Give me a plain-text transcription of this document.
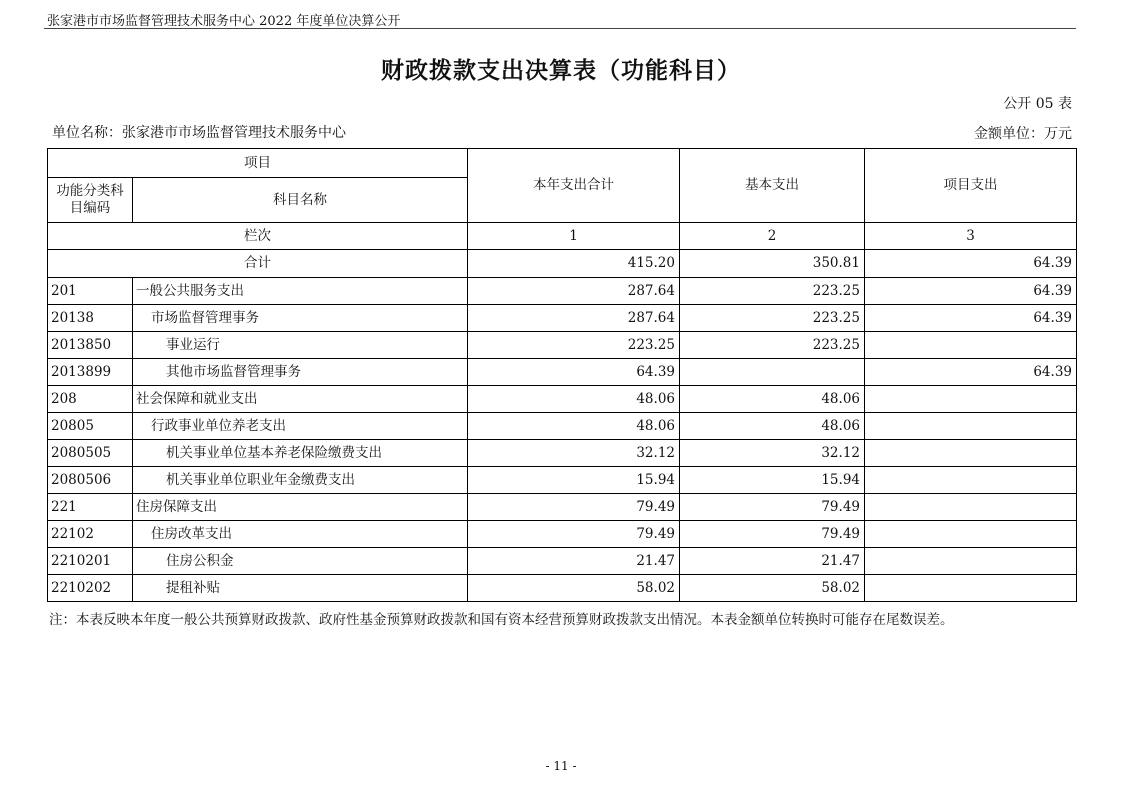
张家港市市场监督管理技术服务中心 2022 年度单位决算公开
财政拨款支出决算表（功能科目）
公开 05 表
单位名称：张家港市市场监督管理技术服务中心	金额单位：万元
项目		本年支出合计	基本支出	项目支出
功能分类科目编码	科目名称			
栏次		1	2	3
合计		415.20	350.81	64.39
201	一般公共服务支出	287.64	223.25	64.39
20138	市场监督管理事务	287.64	223.25	64.39
2013850	事业运行	223.25	223.25	
2013899	其他市场监督管理事务	64.39		64.39
208	社会保障和就业支出	48.06	48.06	
20805	行政事业单位养老支出	48.06	48.06	
2080505	机关事业单位基本养老保险缴费支出	32.12	32.12	
2080506	机关事业单位职业年金缴费支出	15.94	15.94	
221	住房保障支出	79.49	79.49	
22102	住房改革支出	79.49	79.49	
2210201	住房公积金	21.47	21.47	
2210202	提租补贴	58.02	58.02	
注：本表反映本年度一般公共预算财政拨款、政府性基金预算财政拨款和国有资本经营预算财政拨款支出情况。本表金额单位转换时可能存在尾数误差。
- 11 -
